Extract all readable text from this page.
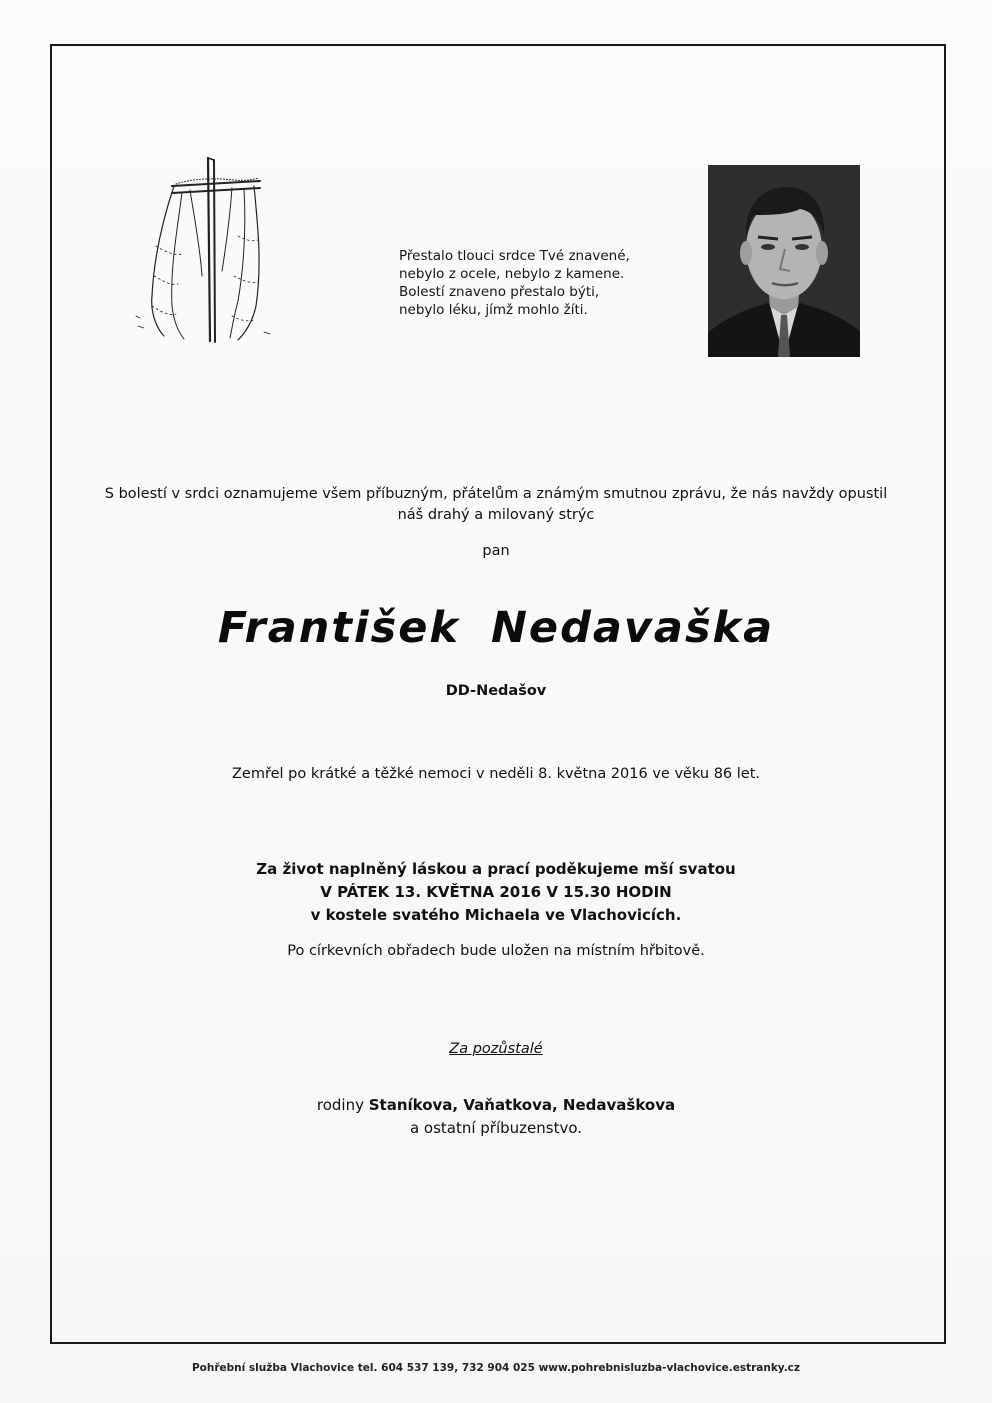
Přestalo tlouci srdce Tvé znavené,
nebylo z ocele, nebylo z kamene.
Bolestí znaveno přestalo býti,
nebylo léku, jímž mohlo žíti.
S bolestí v srdci oznamujeme všem příbuzným, přátelům a známým smutnou zprávu, že nás navždy opustil
náš drahý a milovaný strýc
pan
František Nedavaška
DD-Nedašov
Zemřel po krátké a těžké nemoci v neděli 8. května 2016 ve věku 86 let.
Za život naplněný láskou a prací poděkujeme mší svatou
V PÁTEK 13. KVĚTNA 2016 V 15.30 HODIN
v kostele svatého Michaela ve Vlachovicích.
Po církevních obřadech bude uložen na místním hřbitově.
Za pozůstalé
rodiny Staníkova, Vaňatkova, Nedavaškova
a ostatní příbuzenstvo.
Pohřební služba Vlachovice tel. 604 537 139, 732 904 025 www.pohrebnisluzba-vlachovice.estranky.cz
